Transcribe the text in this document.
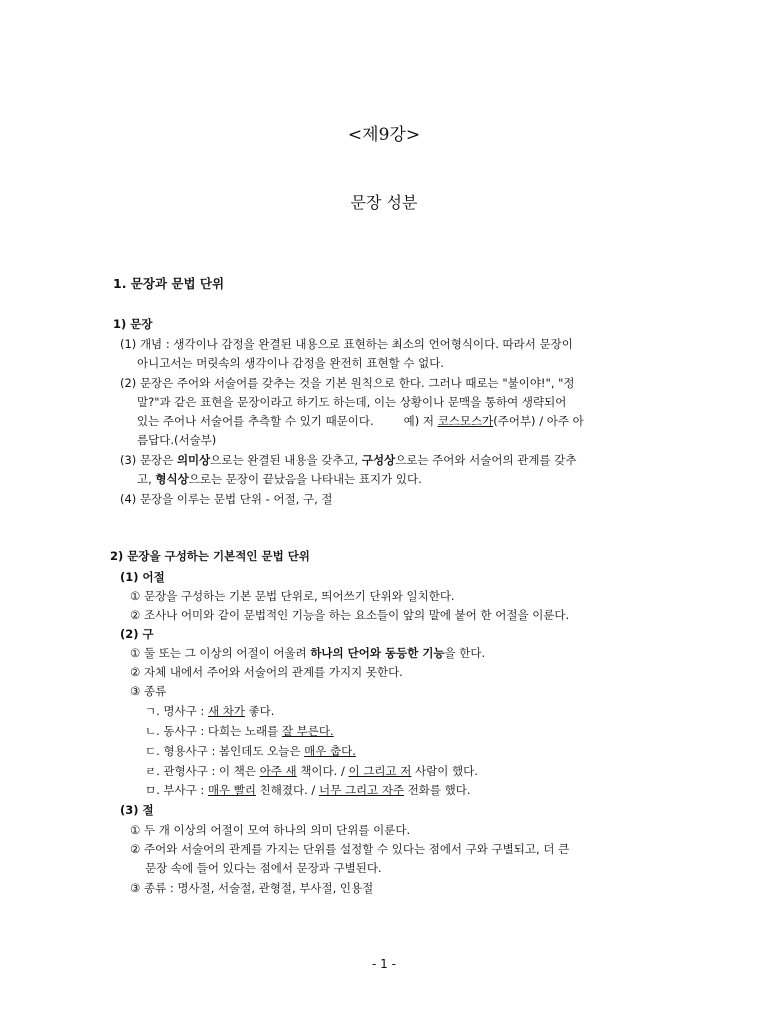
<제9강>
문장 성분
1. 문장과 문법 단위
1) 문장
(1) 개념 : 생각이나 감정을 완결된 내용으로 표현하는 최소의 언어형식이다. 따라서 문장이
아니고서는 머릿속의 생각이나 감정을 완전히 표현할 수 없다.
(2) 문장은 주어와 서술어를 갖추는 것을 기본 원칙으로 한다. 그러나 때로는 "불이야!", "정
말?"과 같은 표현을 문장이라고 하기도 하는데, 이는 상황이나 문맥을 통하여 생략되어
있는 주어나 서술어를 추측할 수 있기 때문이다.	예) 저 코스모스가(주어부) / 아주 아
름답다.(서술부)
(3) 문장은 의미상으로는 완결된 내용을 갖추고, 구성상으로는 주어와 서술어의 관계를 갖추
고, 형식상으로는 문장이 끝났음을 나타내는 표지가 있다.
(4) 문장을 이루는 문법 단위 - 어절, 구, 절
2) 문장을 구성하는 기본적인 문법 단위
(1) 어절
① 문장을 구성하는 기본 문법 단위로, 띄어쓰기 단위와 일치한다.
② 조사나 어미와 같이 문법적인 기능을 하는 요소들이 앞의 말에 붙어 한 어절을 이룬다.
(2) 구
① 둘 또는 그 이상의 어절이 어울려 하나의 단어와 동등한 기능을 한다.
② 자체 내에서 주어와 서술어의 관계를 가지지 못한다.
③ 종류
ㄱ. 명사구 : 새 차가 좋다.
ㄴ. 동사구 : 다희는 노래를 잘 부른다.
ㄷ. 형용사구 : 봄인데도 오늘은 매우 춥다.
ㄹ. 관형사구 : 이 책은 아주 새 책이다. / 이 그리고 저 사람이 했다.
ㅁ. 부사구 : 매우 빨리 친해졌다. / 너무 그리고 자주 전화를 했다.
(3) 절
① 두 개 이상의 어절이 모여 하나의 의미 단위를 이룬다.
② 주어와 서술어의 관계를 가지는 단위를 설정할 수 있다는 점에서 구와 구별되고, 더 큰
문장 속에 들어 있다는 점에서 문장과 구별된다.
③ 종류 : 명사절, 서술절, 관형절, 부사절, 인용절
- 1 -
